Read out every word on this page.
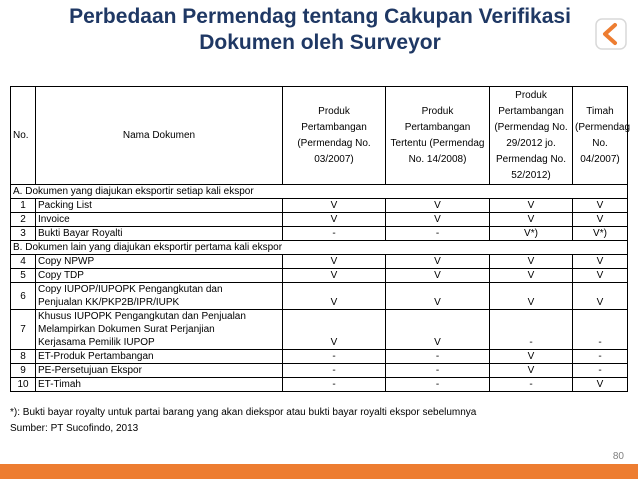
Perbedaan Permendag tentang Cakupan Verifikasi
Dokumen oleh Surveyor
No.	Nama Dokumen	Produk Pertambangan (Permendag No. 03/2007)	Produk Pertambangan Tertentu (Permendag No. 14/2008)	Produk Pertambangan (Permendag No. 29/2012 jo. Permendag No. 52/2012)	Timah (Permendag No. 04/2007)
A. Dokumen yang diajukan eksportir setiap kali ekspor					
1	Packing List	V	V	V	V
2	Invoice	V	V	V	V
3	Bukti Bayar Royalti	-	-	V*)	V*)
B. Dokumen lain yang diajukan eksportir pertama kali ekspor					
4	Copy NPWP	V	V	V	V
5	Copy TDP	V	V	V	V
6	Copy IUPOP/IUPOPK Pengangkutan dan
Penjualan KK/PKP2B/IPR/IUPK	V	V	V	V
7	Khusus IUPOPK Pengangkutan dan Penjualan
Melampirkan Dokumen Surat Perjanjian
Kerjasama Pemilik IUPOP	V	V	-	-
8	ET-Produk Pertambangan	-	-	V	-
9	PE-Persetujuan Ekspor	-	-	V	-
10	ET-Timah	-	-	-	V
*): Bukti bayar royalty untuk partai barang yang akan diekspor atau bukti bayar royalti ekspor sebelumnya
Sumber: PT Sucofindo, 2013
80
